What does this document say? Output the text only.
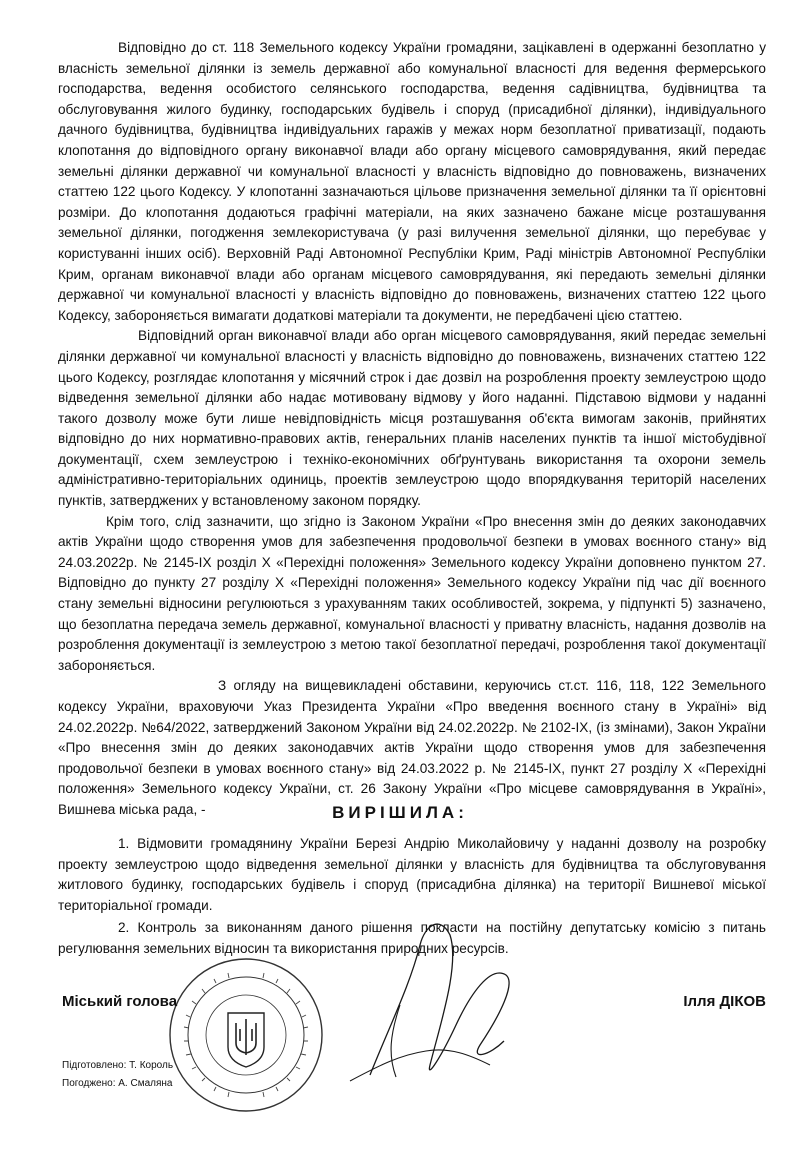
Відповідно до ст. 118 Земельного кодексу України громадяни, зацікавлені в одержанні безоплатно у власність земельної ділянки із земель державної або комунальної власності для ведення фермерського господарства, ведення особистого селянського господарства, ведення садівництва, будівництва та обслуговування жилого будинку, господарських будівель і споруд (присадибної ділянки), індивідуального дачного будівництва, будівництва індивідуальних гаражів у межах норм безоплатної приватизації, подають клопотання до відповідного органу виконавчої влади або органу місцевого самоврядування, який передає земельні ділянки державної чи комунальної власності у власність відповідно до повноважень, визначених статтею 122 цього Кодексу. У клопотанні зазначаються цільове призначення земельної ділянки та її орієнтовні розміри. До клопотання додаються графічні матеріали, на яких зазначено бажане місце розташування земельної ділянки, погодження землекористувача (у разі вилучення земельної ділянки, що перебуває у користуванні інших осіб). Верховній Раді Автономної Республіки Крим, Раді міністрів Автономної Республіки Крим, органам виконавчої влади або органам місцевого самоврядування, які передають земельні ділянки державної чи комунальної власності у власність відповідно до повноважень, визначених статтею 122 цього Кодексу, забороняється вимагати додаткові матеріали та документи, не передбачені цією статтею.

Відповідний орган виконавчої влади або орган місцевого самоврядування, який передає земельні ділянки державної чи комунальної власності у власність відповідно до повноважень, визначених статтею 122 цього Кодексу, розглядає клопотання у місячний строк і дає дозвіл на розроблення проекту землеустрою щодо відведення земельної ділянки або надає мотивовану відмову у його наданні. Підставою відмови у наданні такого дозволу може бути лише невідповідність місця розташування об'єкта вимогам законів, прийнятих відповідно до них нормативно-правових актів, генеральних планів населених пунктів та іншої містобудівної документації, схем землеустрою і техніко-економічних обґрунтувань використання та охорони земель адміністративно-територіальних одиниць, проектів землеустрою щодо впорядкування територій населених пунктів, затверджених у встановленому законом порядку.

Крім того, слід зазначити, що згідно із Законом України «Про внесення змін до деяких законодавчих актів України щодо створення умов для забезпечення продовольчої безпеки в умовах воєнного стану» від 24.03.2022р. № 2145-IX розділ X «Перехідні положення» Земельного кодексу України доповнено пунктом 27. Відповідно до пункту 27 розділу X «Перехідні положення» Земельного кодексу України під час дії воєнного стану земельні відносини регулюються з урахуванням таких особливостей, зокрема, у підпункті 5) зазначено, що безоплатна передача земель державної, комунальної власності у приватну власність, надання дозволів на розроблення документації із землеустрою з метою такої безоплатної передачі, розроблення такої документації забороняється.

З огляду на вищевикладені обставини, керуючись ст.ст. 116, 118, 122 Земельного кодексу України, враховуючи Указ Президента України «Про введення воєнного стану в Україні» від 24.02.2022р. №64/2022, затверджений Законом України від 24.02.2022р. № 2102-IX, (із змінами), Закон України «Про внесення змін до деяких законодавчих актів України щодо створення умов для забезпечення продовольчої безпеки в умовах воєнного стану» від 24.03.2022 р. № 2145-IX, пункт 27 розділу X «Перехідні положення» Земельного кодексу України, ст. 26 Закону України «Про місцеве самоврядування в Україні», Вишнева міська рада, -	ВИРІШИЛА:

1. Відмовити громадянину України Березі Андрію Миколайовичу у наданні дозволу на розробку проекту землеустрою щодо відведення земельної ділянки у власність для будівництва та обслуговування житлового будинку, господарських будівель і споруд (присадибна ділянка) на території Вишневої міської територіальної громади.

2. Контроль за виконанням даного рішення покласти на постійну депутатську комісію з питань регулювання земельних відносин та використання природних ресурсів.

Міський голова	Ілля ДІКОВ
Підготовлено: Т. Король
Погоджено: А. Смаляна
